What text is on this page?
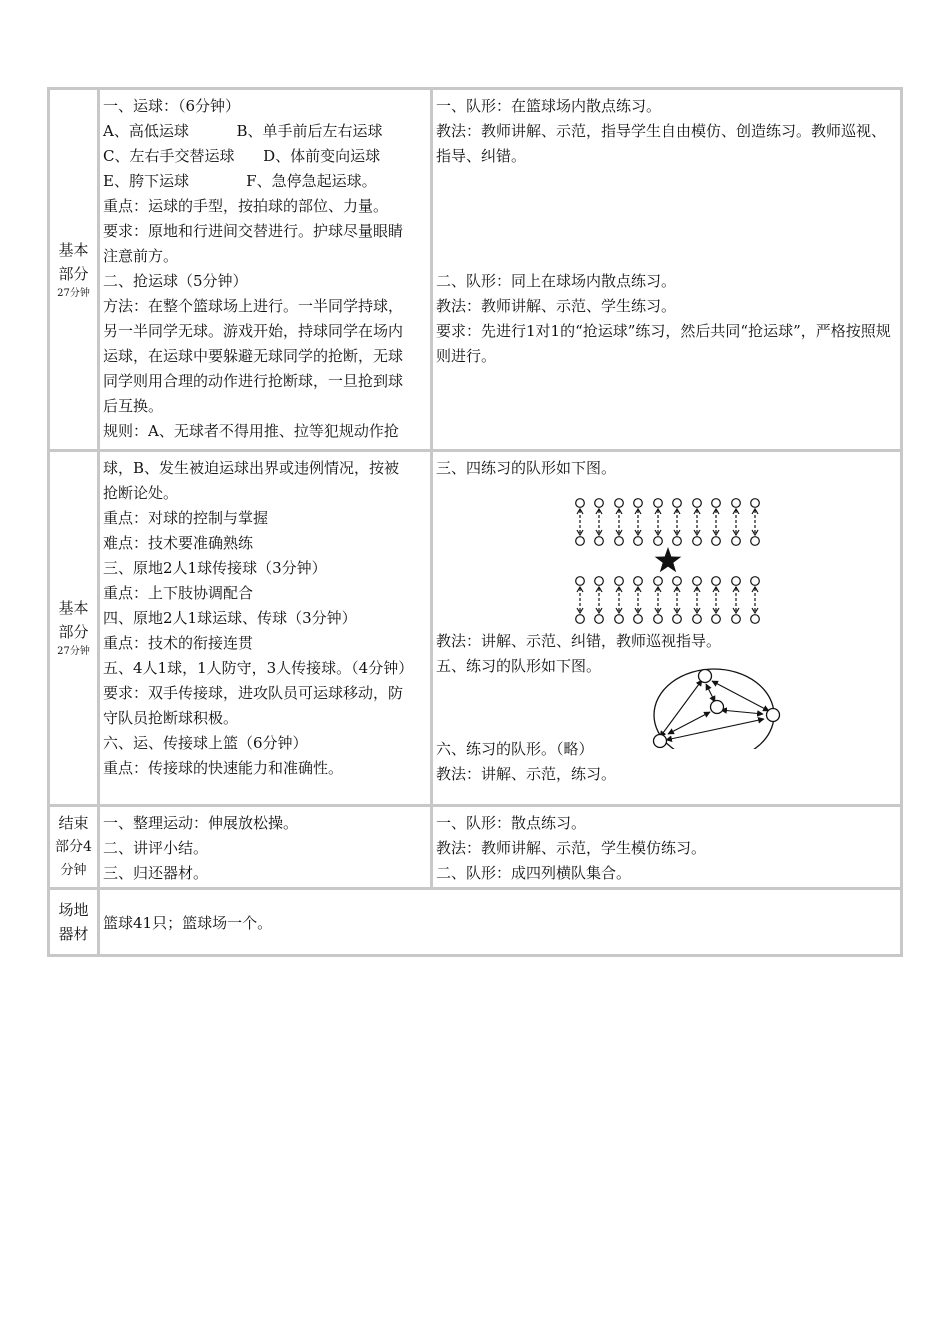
基本
部分
27分钟
一、运球：（6分钟）
A、高低运球          B、单手前后左右运球
C、左右手交替运球      D、体前变向运球
E、胯下运球            F、急停急起运球。
重点：运球的手型，按拍球的部位、力量。
要求：原地和行进间交替进行。护球尽量眼睛
注意前方。
二、抢运球（5分钟）
方法：在整个篮球场上进行。一半同学持球，
另一半同学无球。游戏开始，持球同学在场内
运球，在运球中要躲避无球同学的抢断，无球
同学则用合理的动作进行抢断球，一旦抢到球
后互换。
规则：A、无球者不得用推、拉等犯规动作抢
一、队形：在篮球场内散点练习。
教法：教师讲解、示范，指导学生自由模仿、创造练习。教师巡视、指导、纠错。
二、队形：同上在球场内散点练习。
教法：教师讲解、示范、学生练习。
要求：先进行1对1的“抢运球”练习，然后共同“抢运球”，严格按照规则进行。
基本
部分
27分钟
球，B、发生被迫运球出界或违例情况，按被
抢断论处。
重点：对球的控制与掌握
难点：技术要准确熟练
三、原地2人1球传接球（3分钟）
重点：上下肢协调配合
四、原地2人1球运球、传球（3分钟）
重点：技术的衔接连贯
五、4人1球，1人防守，3人传接球。（4分钟）
要求：双手传接球，进攻队员可运球移动，防
守队员抢断球积极。
六、运、传接球上篮（6分钟）
重点：传接球的快速能力和准确性。
三、四练习的队形如下图。
教法：讲解、示范、纠错，教师巡视指导。
五、练习的队形如下图。
六、练习的队形。（略）
教法：讲解、示范，练习。
结束
部分4
分钟
一、整理运动：伸展放松操。
二、讲评小结。
三、归还器材。
一、队形：散点练习。
教法：教师讲解、示范，学生模仿练习。
二、队形：成四列横队集合。
场地
器材
篮球41只；篮球场一个。
